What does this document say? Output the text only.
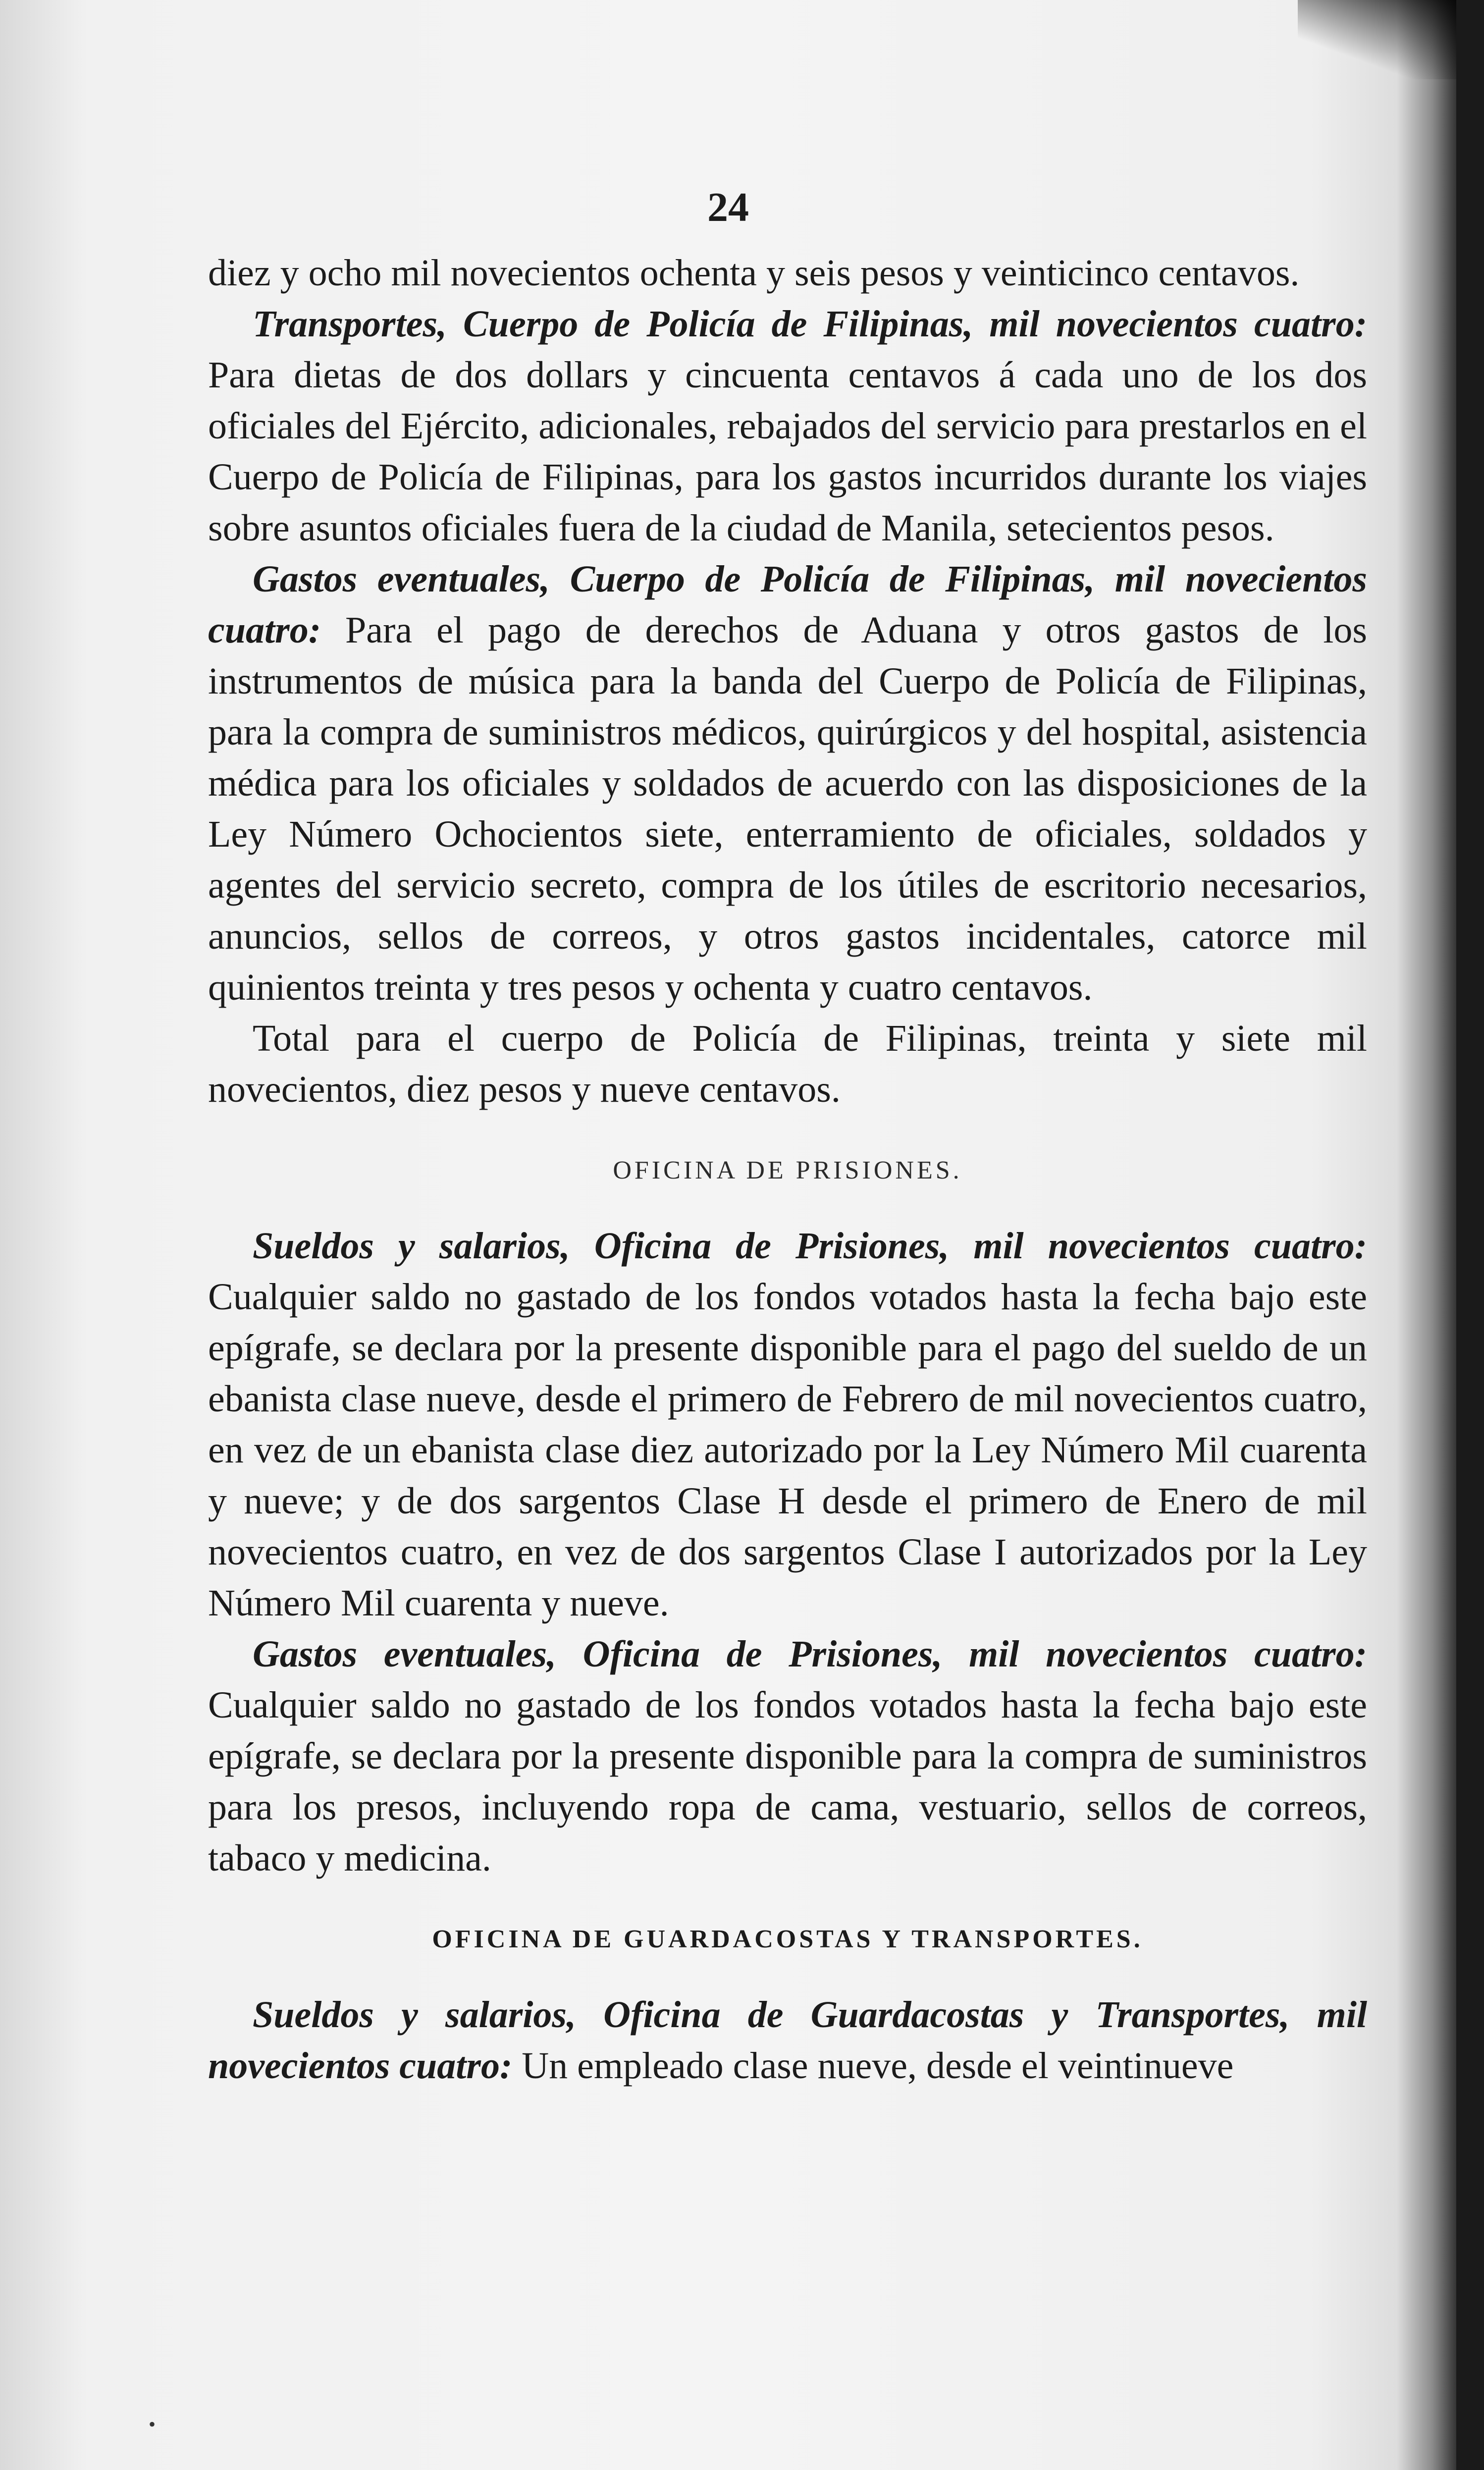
24

diez y ocho mil novecientos ochenta y seis pesos y veinticinco centavos.

Transportes, Cuerpo de Policía de Filipinas, mil novecientos cuatro: Para dietas de dos dollars y cincuenta centavos á cada uno de los dos oficiales del Ejército, adicionales, rebajados del servicio para prestarlos en el Cuerpo de Policía de Filipinas, para los gastos incurridos durante los viajes sobre asuntos oficiales fuera de la ciudad de Manila, setecientos pesos.

Gastos eventuales, Cuerpo de Policía de Filipinas, mil novecientos cuatro: Para el pago de derechos de Aduana y otros gastos de los instrumentos de música para la banda del Cuerpo de Policía de Filipinas, para la compra de suministros médicos, quirúrgicos y del hospital, asistencia médica para los oficiales y soldados de acuerdo con las disposiciones de la Ley Número Ochocientos siete, enterramiento de oficiales, soldados y agentes del servicio secreto, compra de los útiles de escritorio necesarios, anuncios, sellos de correos, y otros gastos incidentales, catorce mil quinientos treinta y tres pesos y ochenta y cuatro centavos.

Total para el cuerpo de Policía de Filipinas, treinta y siete mil novecientos, diez pesos y nueve centavos.

OFICINA DE PRISIONES.

Sueldos y salarios, Oficina de Prisiones, mil novecientos cuatro: Cualquier saldo no gastado de los fondos votados hasta la fecha bajo este epígrafe, se declara por la presente disponible para el pago del sueldo de un ebanista clase nueve, desde el primero de Febrero de mil novecientos cuatro, en vez de un ebanista clase diez autorizado por la Ley Número Mil cuarenta y nueve; y de dos sargentos Clase H desde el primero de Enero de mil novecientos cuatro, en vez de dos sargentos Clase I autorizados por la Ley Número Mil cuarenta y nueve.

Gastos eventuales, Oficina de Prisiones, mil novecientos cuatro: Cualquier saldo no gastado de los fondos votados hasta la fecha bajo este epígrafe, se declara por la presente disponible para la compra de suministros para los presos, incluyendo ropa de cama, vestuario, sellos de correos, tabaco y medicina.

OFICINA DE GUARDACOSTAS Y TRANSPORTES.

Sueldos y salarios, Oficina de Guardacostas y Transportes, mil novecientos cuatro: Un empleado clase nueve, desde el veintinueve

•
